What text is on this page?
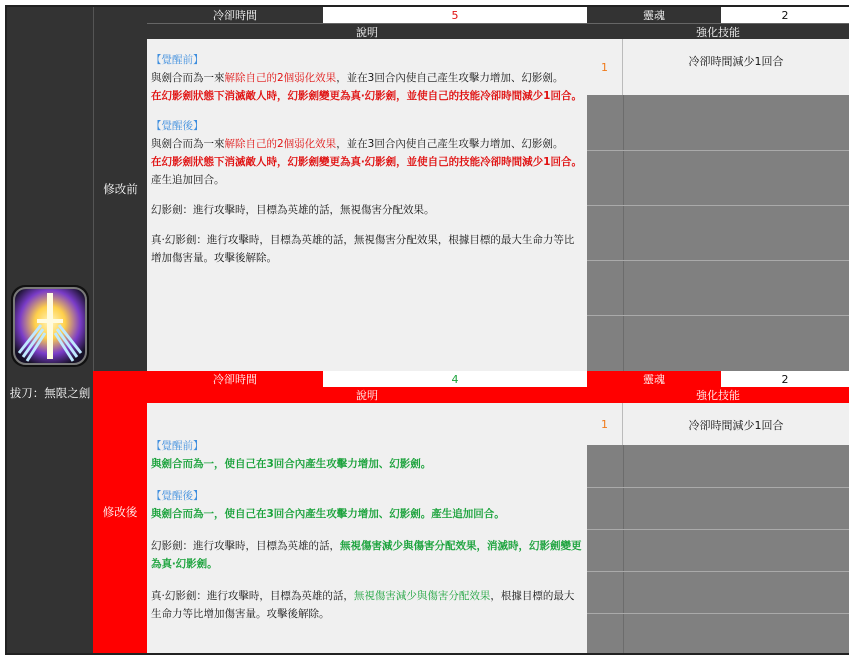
拔刀：無限之劍
修改前
冷卻時間	5	靈魂	2
說明	強化技能

【覺醒前】

與劍合而為一來解除自己的2個弱化效果，並在3回合內使自己產生攻擊力增加、幻影劍。

在幻影劍狀態下消滅敵人時，幻影劍變更為真‧幻影劍，並使自己的技能冷卻時間減少1回合。

【覺醒後】

與劍合而為一來解除自己的2個弱化效果，並在3回合內使自己產生攻擊力增加、幻影劍。

在幻影劍狀態下消滅敵人時，幻影劍變更為真‧幻影劍，並使自己的技能冷卻時間減少1回合。產生追加回合。

幻影劍：進行攻擊時，目標為英雄的話，無視傷害分配效果。

真‧幻影劍：進行攻擊時，目標為英雄的話，無視傷害分配效果，根據目標的最大生命力等比增加傷害量。攻擊後解除。

1	冷卻時間減少1回合
修改後
冷卻時間	4	靈魂	2
說明	強化技能

【覺醒前】

與劍合而為一，使自己在3回合內產生攻擊力增加、幻影劍。

【覺醒後】

與劍合而為一，使自己在3回合內產生攻擊力增加、幻影劍。產生追加回合。

幻影劍：進行攻擊時，目標為英雄的話，無視傷害減少與傷害分配效果，消滅時，幻影劍變更為真‧幻影劍。

真‧幻影劍：進行攻擊時，目標為英雄的話，無視傷害減少與傷害分配效果，根據目標的最大生命力等比增加傷害量。攻擊後解除。

1	冷卻時間減少1回合
